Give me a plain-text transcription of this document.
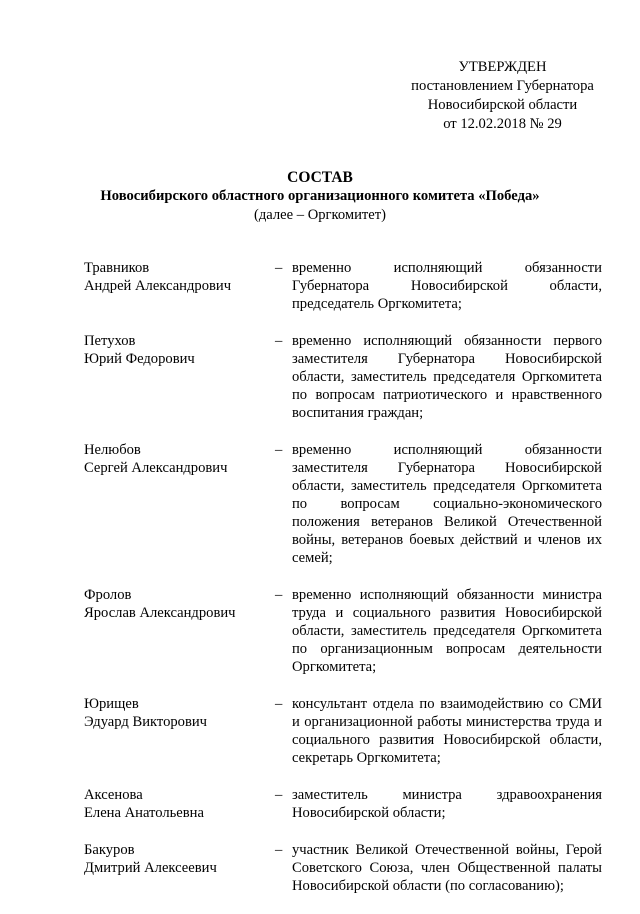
УТВЕРЖДЕН
постановлением Губернатора
Новосибирской области
от 12.02.2018 № 29
СОСТАВ
Новосибирского областного организационного комитета «Победа»
(далее – Оргкомитет)
Травников
Андрей Александрович
– временно исполняющий обязанности Губернатора Новосибирской области, председатель Оргкомитета;
Петухов
Юрий Федорович
– временно исполняющий обязанности первого заместителя Губернатора Новосибирской области, заместитель председателя Оргкомитета по вопросам патриотического и нравственного воспитания граждан;
Нелюбов
Сергей Александрович
– временно исполняющий обязанности заместителя Губернатора Новосибирской области, заместитель председателя Оргкомитета по вопросам социально-экономического положения ветеранов Великой Отечественной войны, ветеранов боевых действий и членов их семей;
Фролов
Ярослав Александрович
– временно исполняющий обязанности министра труда и социального развития Новосибирской области, заместитель председателя Оргкомитета по организационным вопросам деятельности Оргкомитета;
Юрищев
Эдуард Викторович
– консультант отдела по взаимодействию со СМИ и организационной работы министерства труда и социального развития Новосибирской области, секретарь Оргкомитета;
Аксенова
Елена Анатольевна
– заместитель министра здравоохранения Новосибирской области;
Бакуров
Дмитрий Алексеевич
– участник Великой Отечественной войны, Герой Советского Союза, член Общественной палаты Новосибирской области (по согласованию);
